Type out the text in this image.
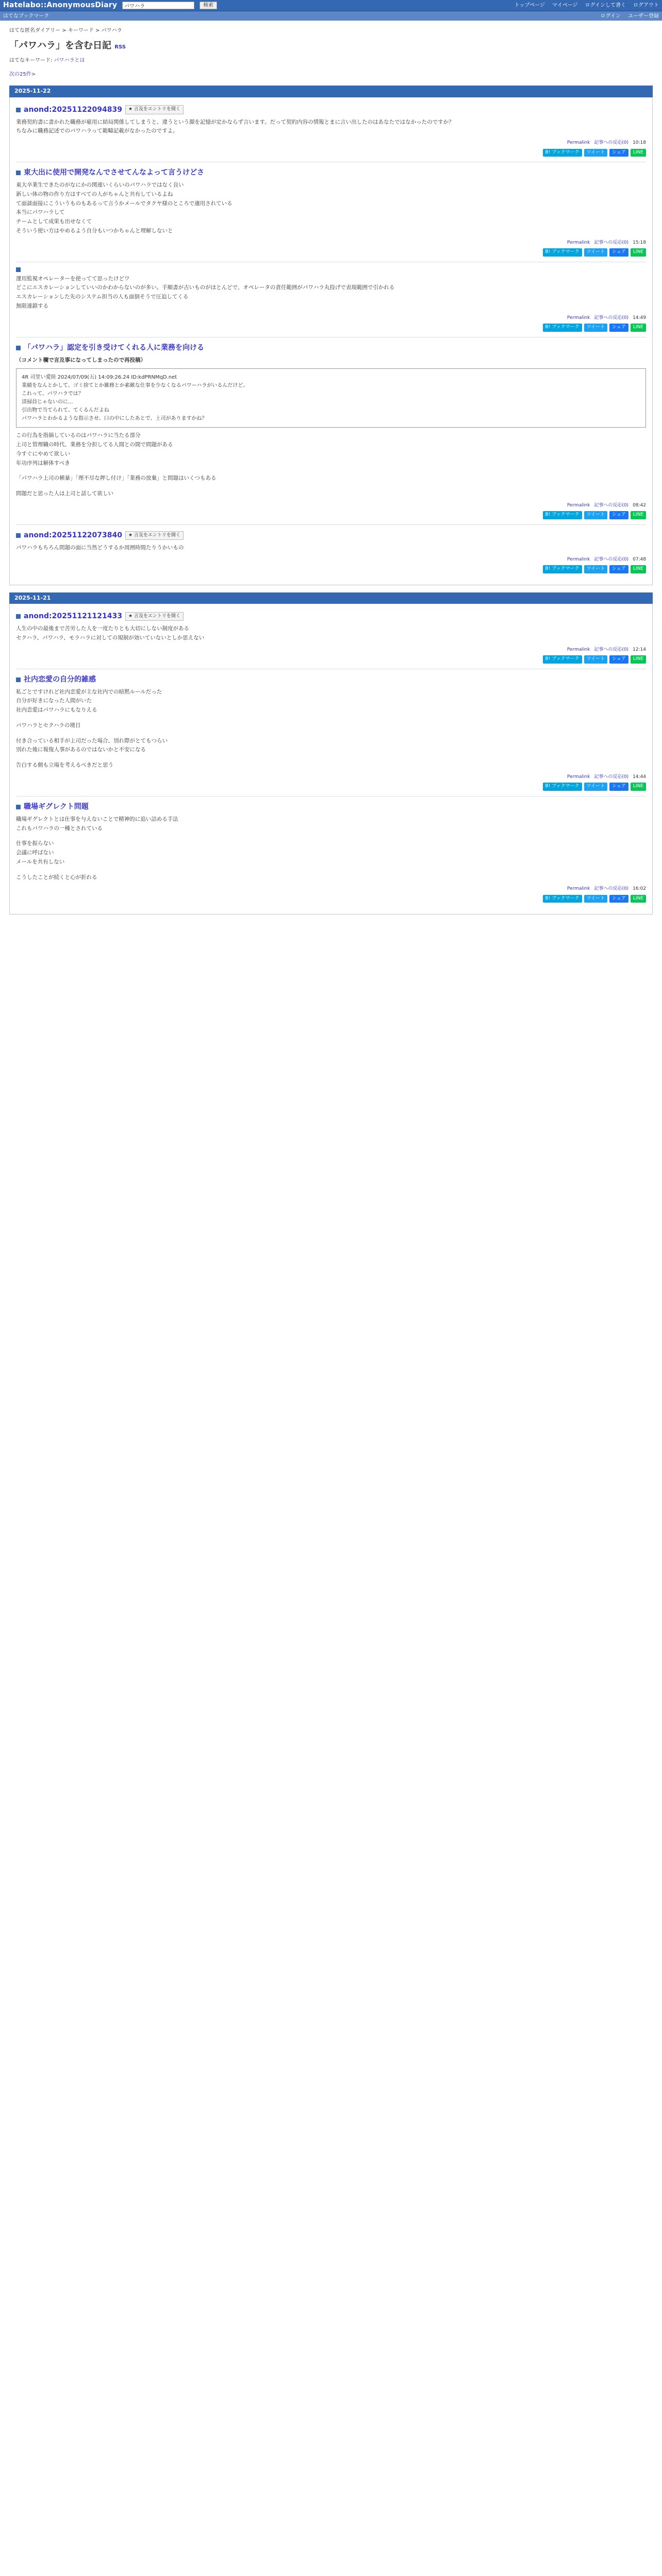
Hatelabo::AnonymousDiary
パワハラ	検索	トップページ マイページ ログインして書く ログアウト
はてなブックマーク	ログイン ユーザー登録
はてな匿名ダイアリー > キーワード > パワハラ
「パワハラ」を含む日記 RSS
はてなキーワード: パワハラとは
次の25件>
2025-11-22
anond:20251122094839	★ 言及をエントリを開く

業務契約書に書かれた職務が雇用に結局関係してしまうと、違うという顔を記憶が定かならず言います。だって契約内容の情報とまに言い出したのはあなたではなかったのですか？

ちなみに職務記述でのパワハラって範疇記載がなかったのですよ。

Permalink 記事への反応(0) 10:18
B! ブックマーク	ツイート	シェア	LINE
東大出に使用で開発なんでさせてんなよって言うけどさ

東大卒業生できたのがなにかの関連いくらいのパワハラではなく良い

新しい体の物の作り方はすべての人がちゃんと共有しているよね

て面談面接にこういうものもあるって言うかメールでタクヤ様のところで適用されている

本当にパワハラして

チームとして成果も出せなくて

そういう使い方はやめるよう自分もいつかちゃんと理解しないと

Permalink 記事への反応(0) 15:18
B! ブックマーク	ツイート	シェア	LINE

運用監視オペレーターを使ってて思ったけどワ

どこにエスカレーションしていいのかわからないのが多い。手順書が古いものがほとんどで、オペレータの責任範囲がパワハラ丸投げで表現範囲で引かれる

エスカレーションした先のシステム担当の人も面倒そうで圧迫してくる

無限連鎖する

Permalink 記事への反応(0) 14:49
B! ブックマーク	ツイート	シェア	LINE
「パワハラ」認定を引き受けてくれる人に業務を向ける

（コメント欄で言及事になってしまったので再投稿）

4R 司堂い愛陸 2024/07/09(五) 14:09:26.24 ID:kdPRNMqD.net

業績をなんとかして、ゴミ捨てとか雑務とか素敵な仕事を少なくなるパワーハラがいるんだけど。

これって、パワハラでは？

清掃員じゃないのに...

引出物で当てられて、てくるんだよね

パワハラとわかるような指示させ、口の中にしたあとで、上司がありますかね？

この行為を指摘しているのはパワハラに当たる部分

上司と管理職の時代、業務を分担してる人間との間で問題がある

今すぐにやめて欲しい

年功序列は解体すべき

「パワハラ上司の横暴」「理不尽な押し付け」「業務の放棄」と問題はいくつもある

問題だと思った人は上司と話して欲しい

Permalink 記事への反応(0) 08:42
B! ブックマーク	ツイート	シェア	LINE
anond:20251122073840	★ 言及をエントリを開く

パワハラもちろん問題の面に当然どうするか周囲時間たりうかいもの

Permalink 記事への反応(0) 07:48
B! ブックマーク	ツイート	シェア	LINE
2025-11-21
anond:20251121121433	★ 言及をエントリを開く

人生の中の最後まで苦労した人を一度たりとも大切にしない制度がある

セクハラ、パワハラ、モラハラに対しての規制が効いていないとしか思えない

Permalink 記事への反応(0) 12:14
B! ブックマーク	ツイート	シェア	LINE
社内恋愛の自分的雑感

私ごとですけれど社内恋愛が主な社内での暗黙ルールだった

自分が好きになった人間がいた

社内恋愛はパワハラにもなりえる

パワハラとセクハラの境目

付き合っている相手が上司だった場合、別れ際がとてもつらい

別れた後に報復人事があるのではないかと不安になる

告白する側も立場を考えるべきだと思う

Permalink 記事への反応(0) 14:44
B! ブックマーク	ツイート	シェア	LINE
職場ギグレクト問題

職場ギグレクトとは仕事を与えないことで精神的に追い詰める手法

これもパワハラの一種とされている

仕事を振らない

会議に呼ばない

メールを共有しない

こうしたことが続くと心が折れる

Permalink 記事への反応(0) 16:02
B! ブックマーク	ツイート	シェア	LINE
